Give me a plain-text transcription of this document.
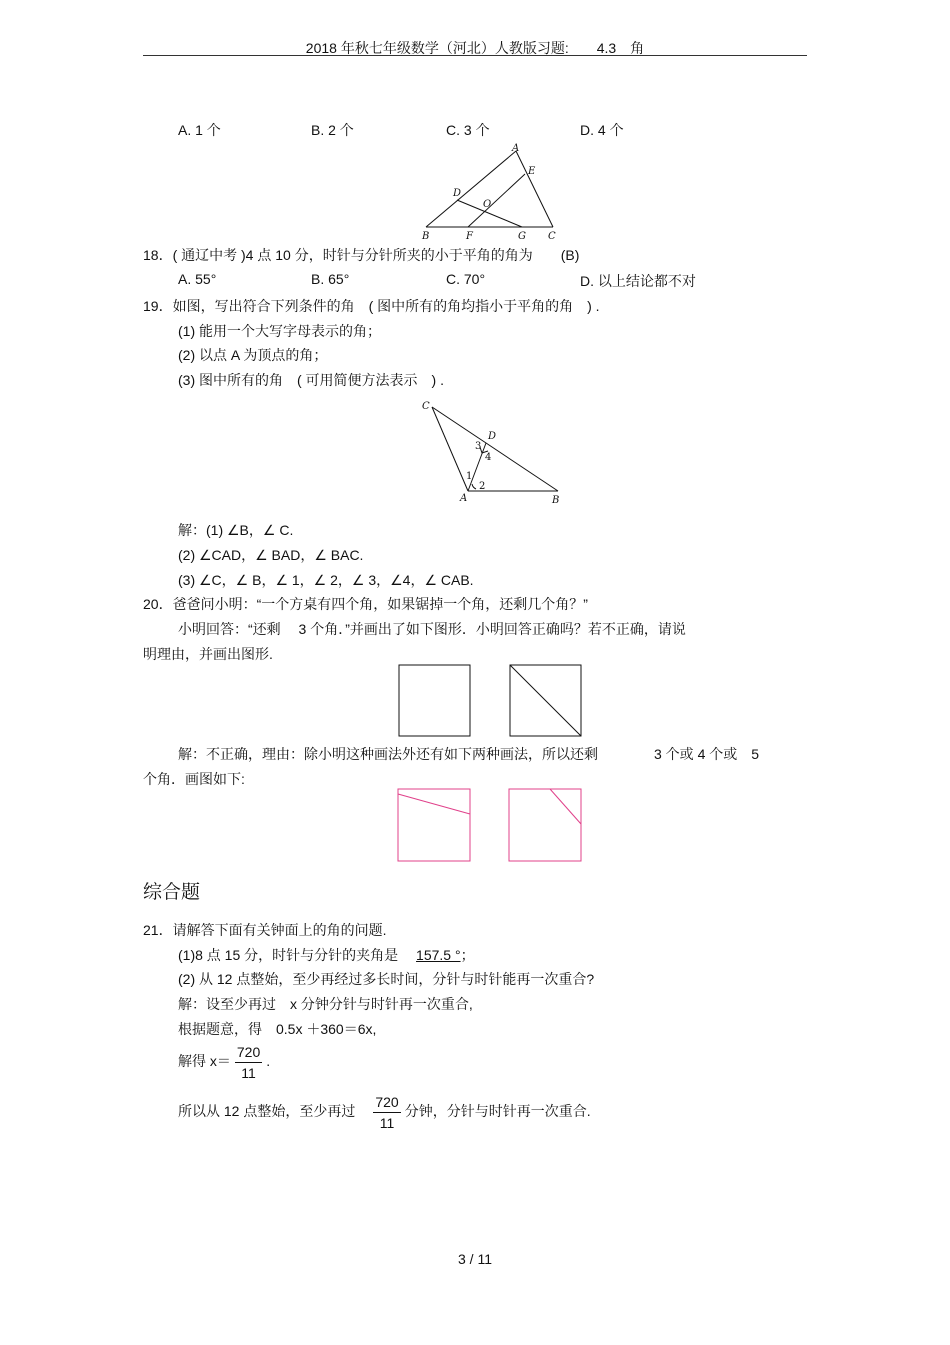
2018 年秋七年级数学（河北）人教版习题:　　4.3　角
A. 1 个	B. 2 个	C. 3 个	D. 4 个
A
E
D
O
B	F	G C
18．( 通辽中考 )4 点 10 分，时针与分针所夹的小于平角的角为　　(B)
A. 55°	B. 65°	C. 70°	D. 以上结论都不对
19．如图，写出符合下列条件的角　( 图中所有的角均指小于平角的角　) .
(1) 能用一个大写字母表示的角；
(2) 以点 A 为顶点的角；
(3) 图中所有的角　( 可用简便方法表示　) .
C
D
A	B
1
2
3
4
解：(1) ∠B，∠ C.
(2) ∠CAD，∠ BAD，∠ BAC.
(3) ∠C，∠ B，∠ 1，∠ 2，∠ 3，∠4，∠ CAB.
20．爸爸问小明：“一个方桌有四个角，如果锯掉一个角，还剩几个角？”
小明回答：“还剩　 3 个角．”并画出了如下图形．小明回答正确吗？若不正确，请说
明理由，并画出图形.
解：不正确，理由：除小明这种画法外还有如下两种画法，所以还剩　　　　3 个或 4 个或　5
个角．画图如下:
综合题
21．请解答下面有关钟面上的角的问题.
(1)8 点 15 分，时针与分针的夹角是　 157.5 °；
(2) 从 12 点整始，至少再经过多长时间，分针与时针能再一次重合?
解：设至少再过　x 分钟分针与时针再一次重合,
根据题意，得　0.5x ＋360＝6x,
解得 $x= \frac{720}{11}$ .
所以从 12 点整始，至少再过　 $\frac{720}{11}$ 分钟，分针与时针再一次重合.
3 / 11
